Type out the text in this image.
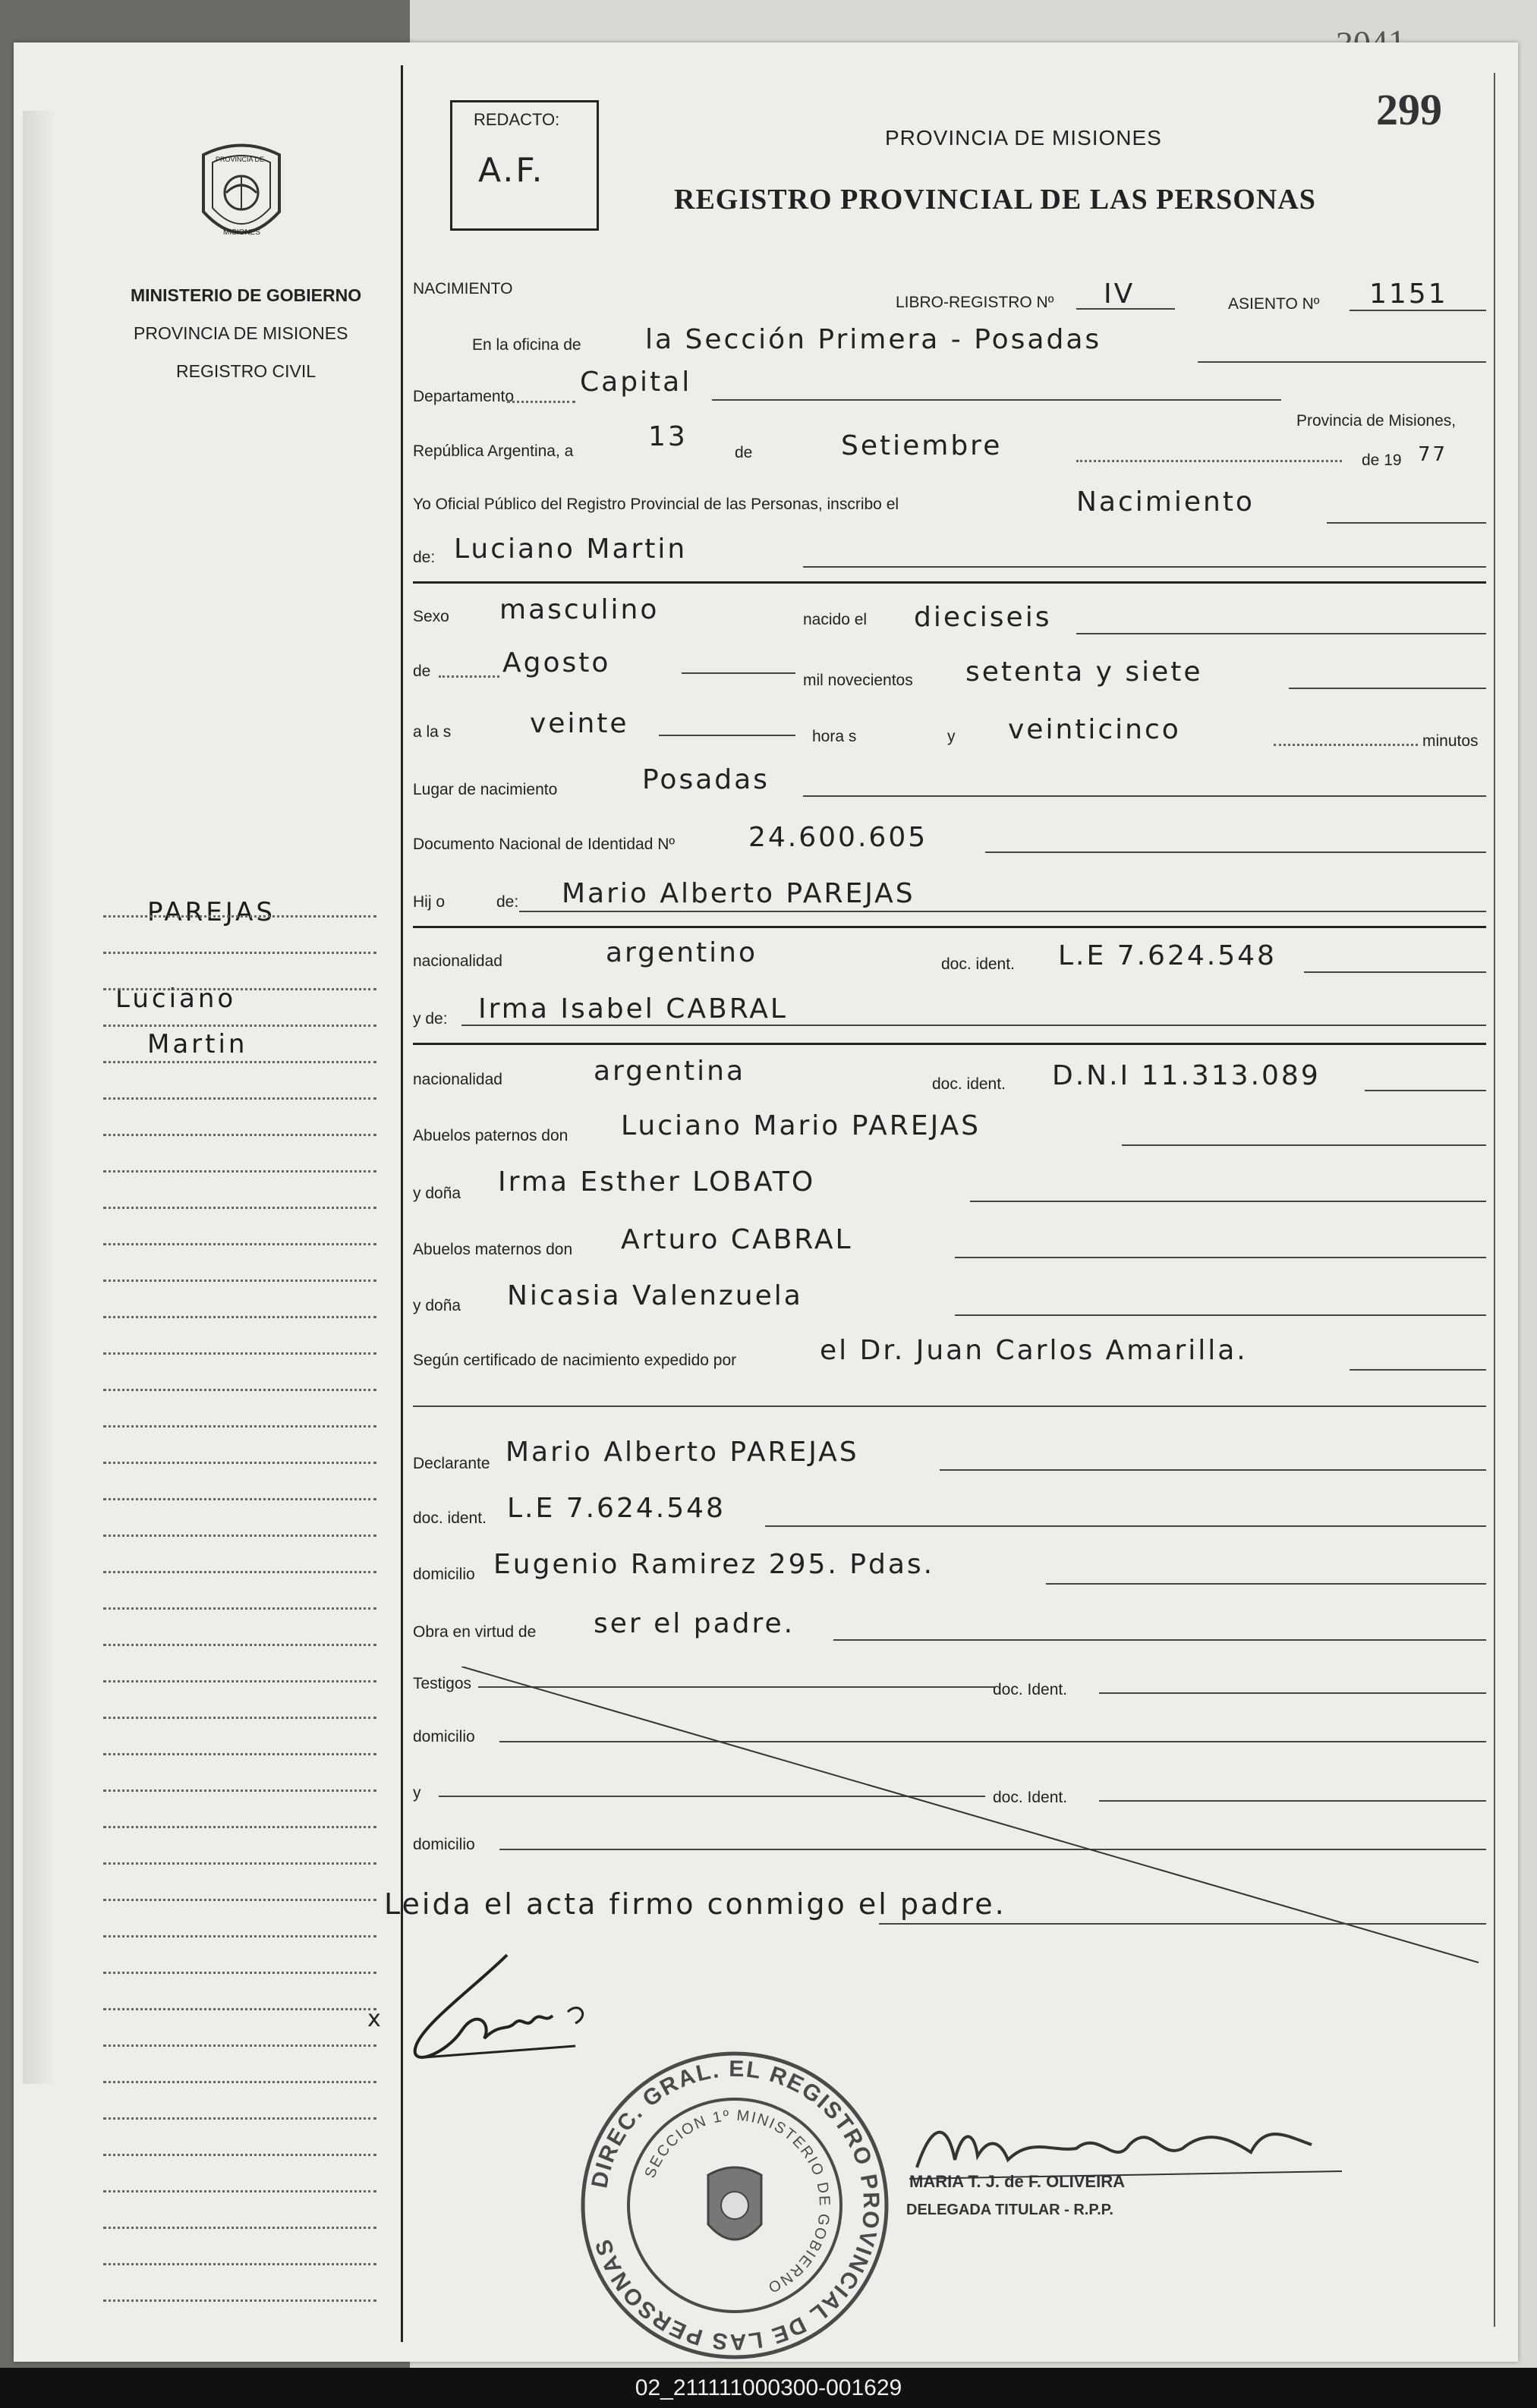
299
REDACTO:
A.F.
PROVINCIA DE MISIONES
REGISTRO PROVINCIAL DE LAS PERSONAS
PROVINCIA DE
MISIONES
MINISTERIO DE GOBIERNO
PROVINCIA DE MISIONES
REGISTRO CIVIL
PAREJAS
Luciano
Martin
NACIMIENTO
LIBRO-REGISTRO Nº IV	ASIENTO Nº 1151
En la oficina de la Sección Primera - Posadas
Departamento Capital
Provincia de Misiones,
República Argentina, a	13
de	Setiembre	de 19 77
Yo Oficial Público del Registro Provincial de las Personas, inscribo el	Nacimiento
de: Luciano Martin
Sexo masculino	nacido el dieciseis
de	Agosto
mil novecientos setenta y siete
a la s	veinte	hora s	y veinticinco	minutos
Lugar de nacimiento	Posadas
Documento Nacional de Identidad Nº	24.600.605
Hij o	de: Mario Alberto PAREJAS
nacionalidad	argentino	doc. ident. L.E 7.624.548
y de: Irma Isabel CABRAL
nacionalidad	argentina	doc. ident. D.N.I 11.313.089
Abuelos paternos don Luciano Mario PAREJAS
y doña Irma Esther LOBATO
Abuelos maternos don Arturo CABRAL
y doña Nicasia Valenzuela
Según certificado de nacimiento expedido por	el Dr. Juan Carlos Amarilla.
Declarante Mario Alberto PAREJAS
doc. ident. L.E 7.624.548
domicilio Eugenio Ramirez 295. Pdas.
Obra en virtud de ser el padre.
Testigos	doc. Ident.
domicilio
y	doc. Ident.
domicilio
Leida el acta firmo conmigo el padre.
x
DIREC. GRAL. EL REGISTRO PROVINCIAL DE LAS PERSONAS
SECCION 1º MINISTERIO DE GOBIERNO
MARIA T. J. de F. OLIVEIRA
DELEGADA TITULAR - R.P.P.
02_211111000300-001629
